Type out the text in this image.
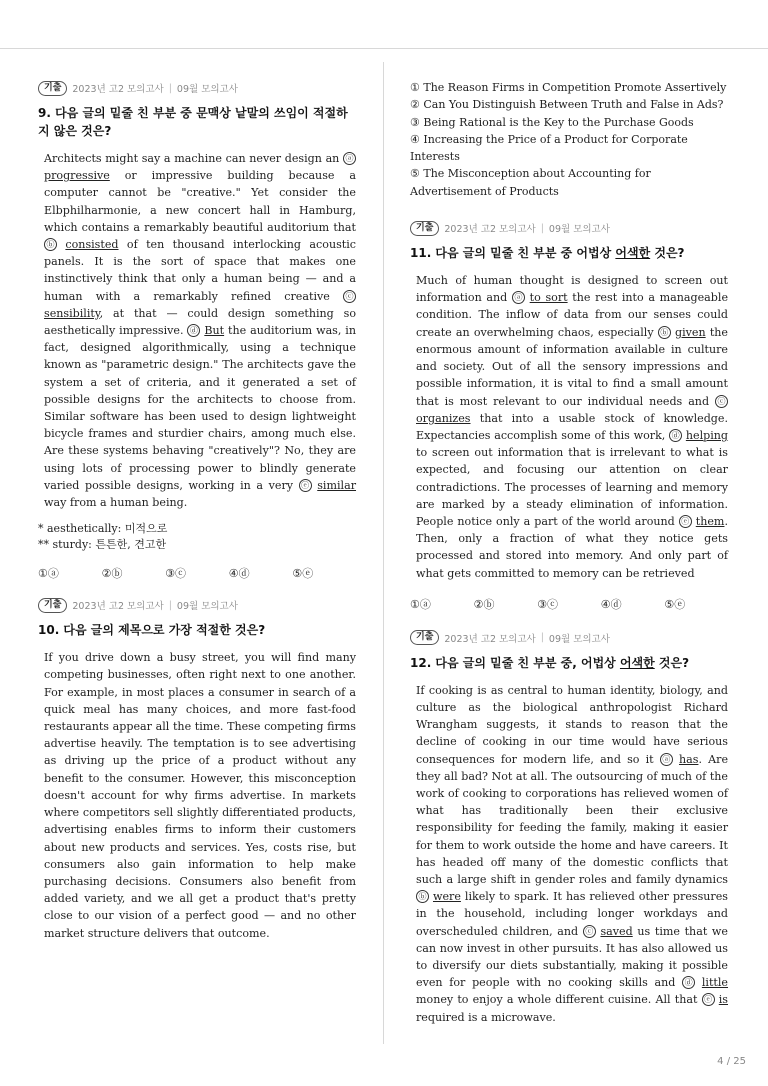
기출	2023년 고2 모의고사 | 09월 모의고사
9. 다음 글의 밑줄 친 부분 중 문맥상 낱말의 쓰임이 적절하지 않은 것은?
Architects might say a machine can never design an ⓐ progressive or impressive building because a computer cannot be "creative." Yet consider the Elbphilharmonie, a new concert hall in Hamburg, which contains a remarkably beautiful auditorium that ⓑ consisted of ten thousand interlocking acoustic panels. It is the sort of space that makes one instinctively think that only a human being — and a human with a remarkably refined creative ⓒ sensibility, at that — could design something so aesthetically impressive. ⓓ But the auditorium was, in fact, designed algorithmically, using a technique known as "parametric design." The architects gave the system a set of criteria, and it generated a set of possible designs for the architects to choose from. Similar software has been used to design lightweight bicycle frames and sturdier chairs, among much else. Are these systems behaving "creatively"? No, they are using lots of processing power to blindly generate varied possible designs, working in a very ⓔ similar way from a human being.
* aesthetically: 미적으로
** sturdy: 튼튼한, 견고한
①ⓐ	②ⓑ	③ⓒ	④ⓓ	⑤ⓔ
기출	2023년 고2 모의고사 | 09월 모의고사
10. 다음 글의 제목으로 가장 적절한 것은?
If you drive down a busy street, you will find many competing businesses, often right next to one another. For example, in most places a consumer in search of a quick meal has many choices, and more fast-food restaurants appear all the time. These competing firms advertise heavily. The temptation is to see advertising as driving up the price of a product without any benefit to the consumer. However, this misconception doesn't account for why firms advertise. In markets where competitors sell slightly differentiated products, advertising enables firms to inform their customers about new products and services. Yes, costs rise, but consumers also gain information to help make purchasing decisions. Consumers also benefit from added variety, and we all get a product that's pretty close to our vision of a perfect good — and no other market structure delivers that outcome.
① The Reason Firms in Competition Promote Assertively
② Can You Distinguish Between Truth and False in Ads?
③ Being Rational is the Key to the Purchase Goods
④ Increasing the Price of a Product for Corporate Interests
⑤ The Misconception about Accounting for Advertisement of Products
기출	2023년 고2 모의고사 | 09월 모의고사
11. 다음 글의 밑줄 친 부분 중 어법상 어색한 것은?
Much of human thought is designed to screen out information and ⓐ to sort the rest into a manageable condition. The inflow of data from our senses could create an overwhelming chaos, especially ⓑ given the enormous amount of information available in culture and society. Out of all the sensory impressions and possible information, it is vital to find a small amount that is most relevant to our individual needs and ⓒ organizes that into a usable stock of knowledge. Expectancies accomplish some of this work, ⓓ helping to screen out information that is irrelevant to what is expected, and focusing our attention on clear contradictions. The processes of learning and memory are marked by a steady elimination of information. People notice only a part of the world around ⓔ them. Then, only a fraction of what they notice gets processed and stored into memory. And only part of what gets committed to memory can be retrieved
①ⓐ	②ⓑ	③ⓒ	④ⓓ	⑤ⓔ
기출	2023년 고2 모의고사 | 09월 모의고사
12. 다음 글의 밑줄 친 부분 중, 어법상 어색한 것은?
If cooking is as central to human identity, biology, and culture as the biological anthropologist Richard Wrangham suggests, it stands to reason that the decline of cooking in our time would have serious consequences for modern life, and so it ⓐ has. Are they all bad? Not at all. The outsourcing of much of the work of cooking to corporations has relieved women of what has traditionally been their exclusive responsibility for feeding the family, making it easier for them to work outside the home and have careers. It has headed off many of the domestic conflicts that such a large shift in gender roles and family dynamics ⓑ were likely to spark. It has relieved other pressures in the household, including longer workdays and overscheduled children, and ⓒ saved us time that we can now invest in other pursuits. It has also allowed us to diversify our diets substantially, making it possible even for people with no cooking skills and ⓓ little money to enjoy a whole different cuisine. All that ⓔ is required is a microwave.
4 / 25
